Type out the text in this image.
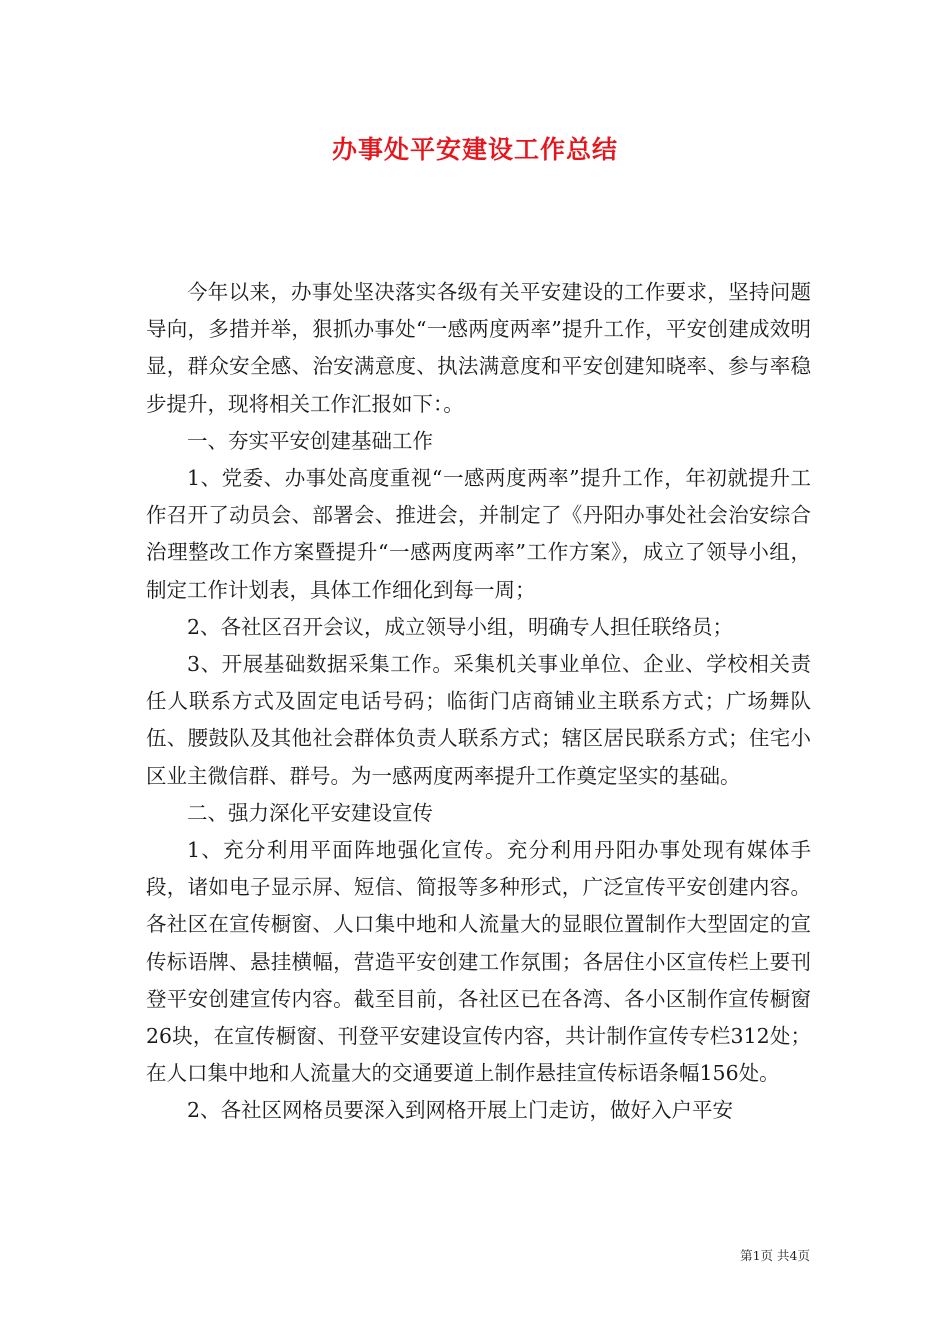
办事处平安建设工作总结

今年以来，办事处坚决落实各级有关平安建设的工作要求，坚持问题导向，多措并举，狠抓办事处“一感两度两率”提升工作，平安创建成效明显，群众安全感、治安满意度、执法满意度和平安创建知晓率、参与率稳步提升，现将相关工作汇报如下：。

一、夯实平安创建基础工作

1、党委、办事处高度重视“一感两度两率”提升工作，年初就提升工作召开了动员会、部署会、推进会，并制定了《丹阳办事处社会治安综合治理整改工作方案暨提升“一感两度两率”工作方案》，成立了领导小组，制定工作计划表，具体工作细化到每一周；

2、各社区召开会议，成立领导小组，明确专人担任联络员；

3、开展基础数据采集工作。采集机关事业单位、企业、学校相关责任人联系方式及固定电话号码；临街门店商铺业主联系方式；广场舞队伍、腰鼓队及其他社会群体负责人联系方式；辖区居民联系方式；住宅小区业主微信群、群号。为一感两度两率提升工作奠定坚实的基础。

二、强力深化平安建设宣传

1、充分利用平面阵地强化宣传。充分利用丹阳办事处现有媒体手段，诸如电子显示屏、短信、简报等多种形式，广泛宣传平安创建内容。各社区在宣传橱窗、人口集中地和人流量大的显眼位置制作大型固定的宣传标语牌、悬挂横幅，营造平安创建工作氛围；各居住小区宣传栏上要刊登平安创建宣传内容。截至目前，各社区已在各湾、各小区制作宣传橱窗26块，在宣传橱窗、刊登平安建设宣传内容，共计制作宣传专栏312处；在人口集中地和人流量大的交通要道上制作悬挂宣传标语条幅156处。

2、各社区网格员要深入到网格开展上门走访，做好入户平安

第1页 共4页
